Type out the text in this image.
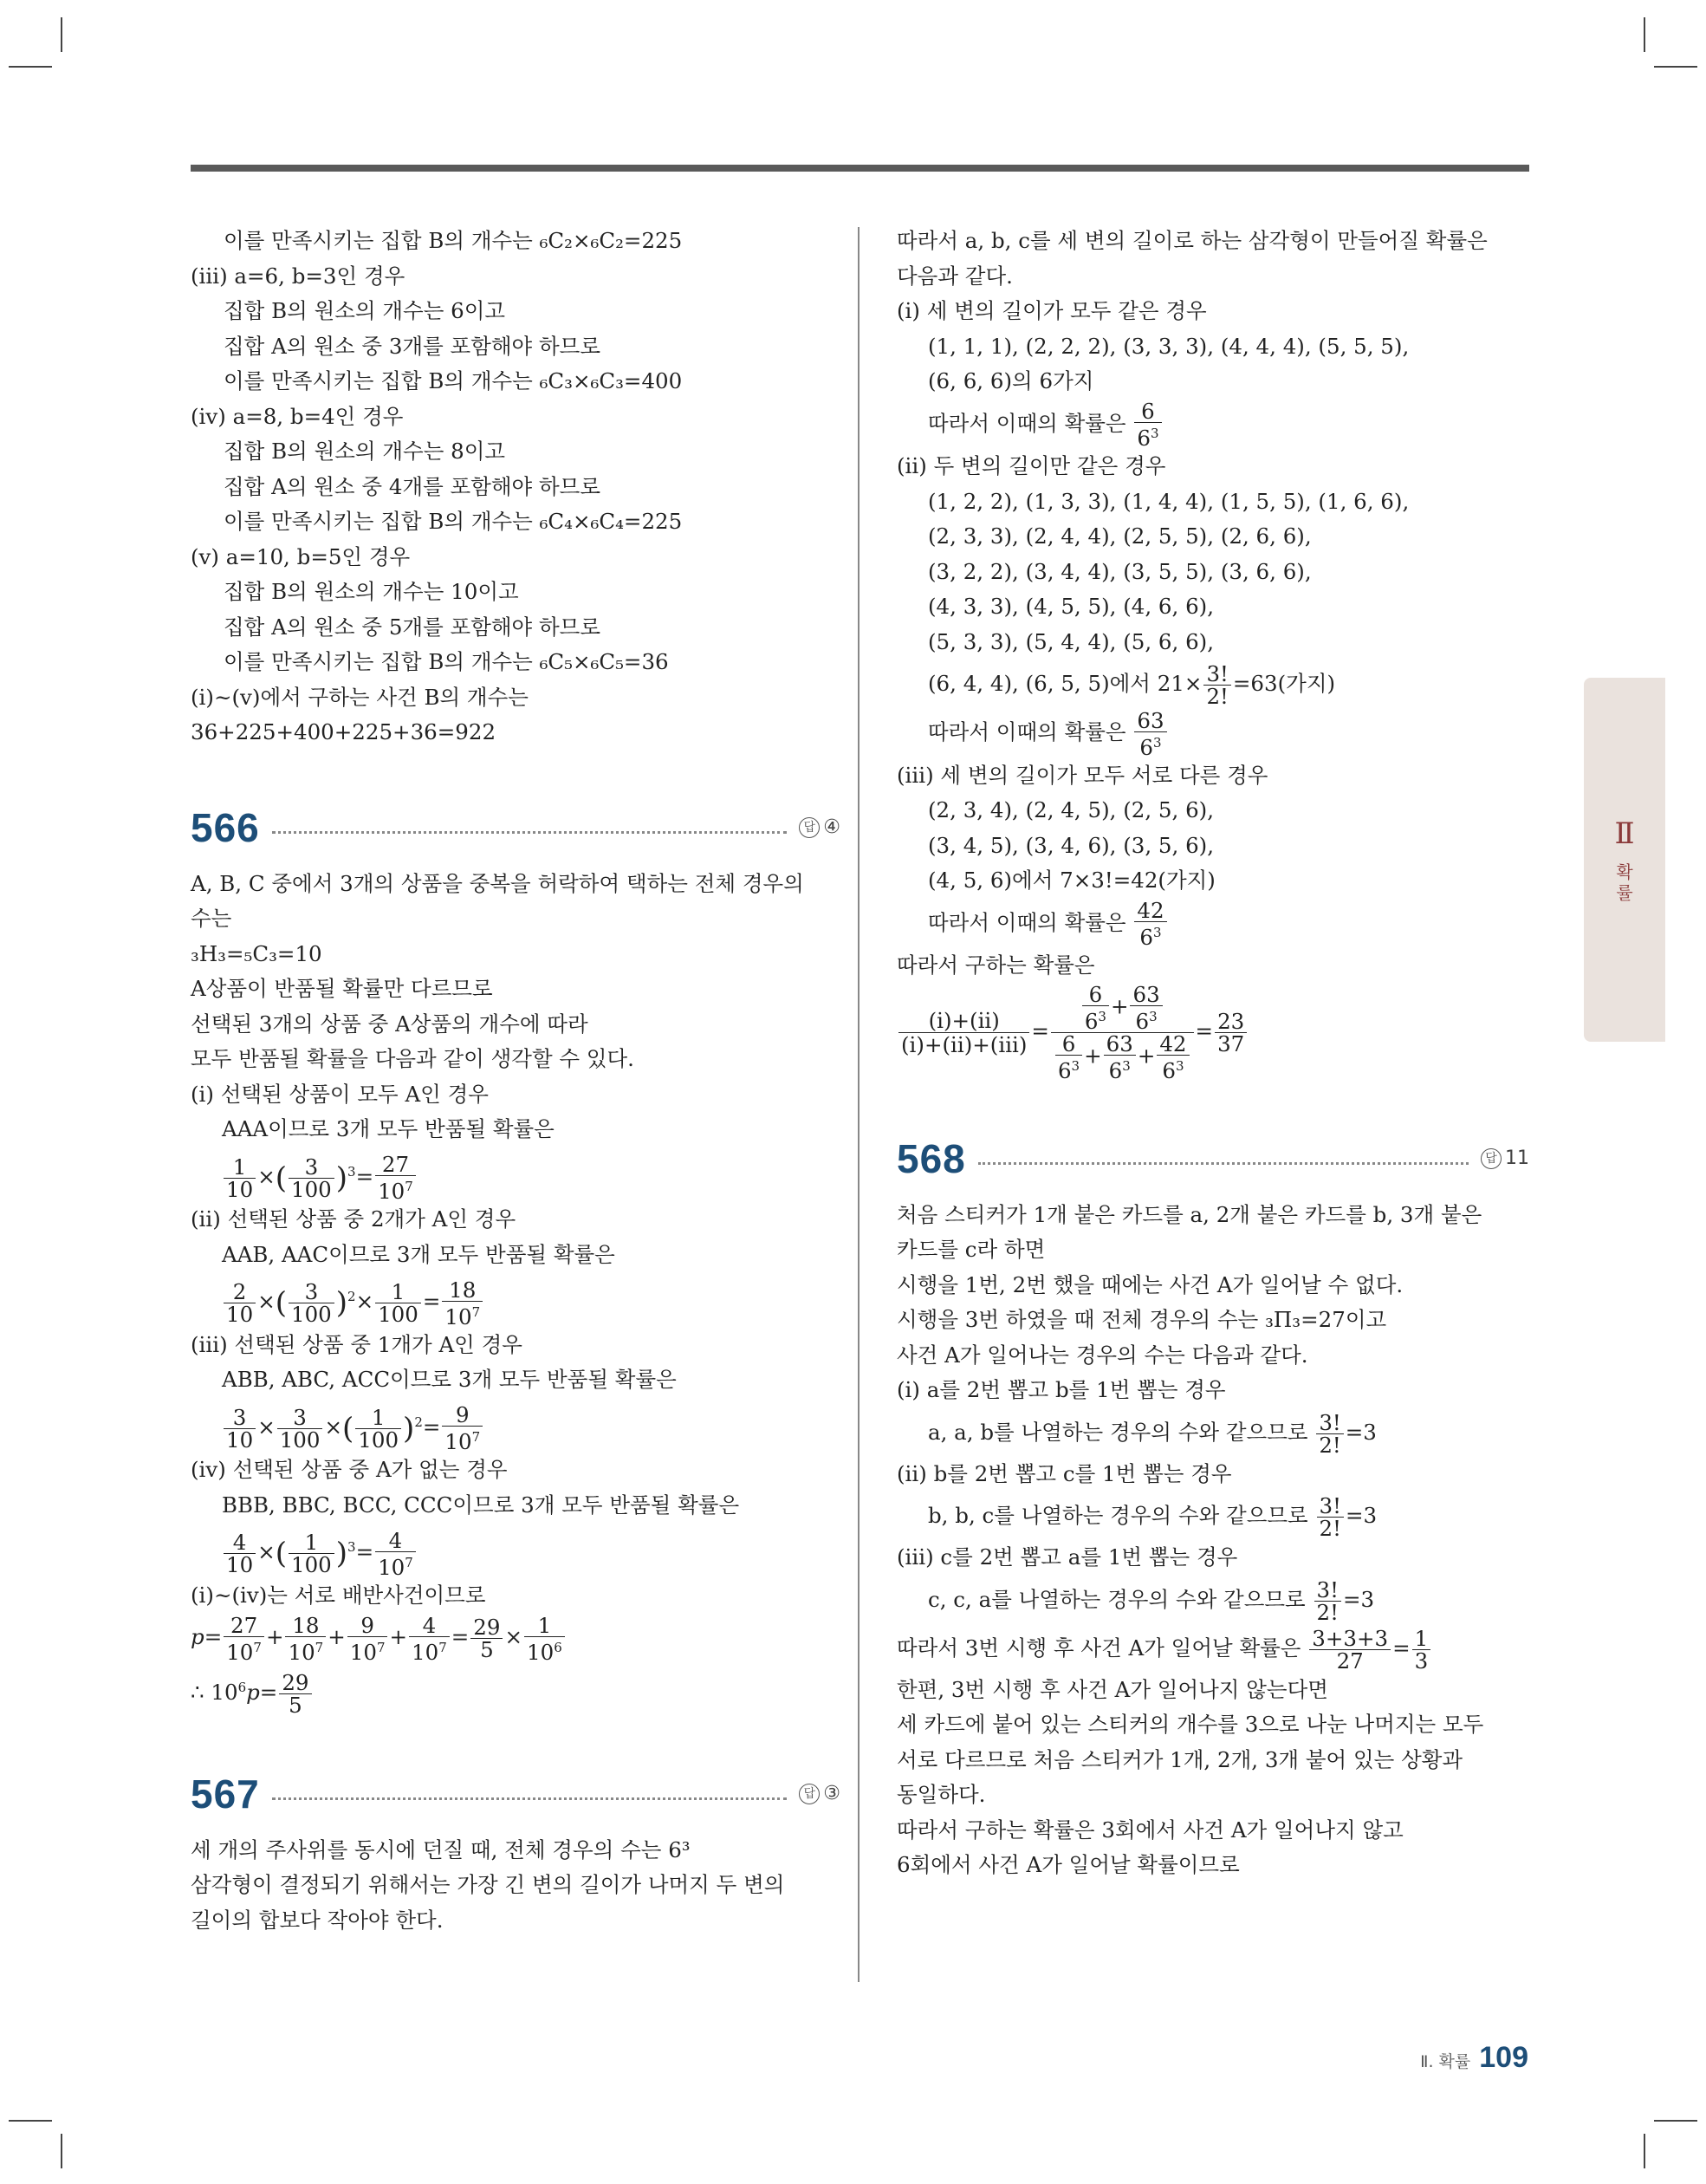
이를 만족시키는 집합 B의 개수는 ₆C₂×₆C₂=225
(iii) a=6, b=3인 경우
집합 B의 원소의 개수는 6이고
집합 A의 원소 중 3개를 포함해야 하므로
이를 만족시키는 집합 B의 개수는 ₆C₃×₆C₃=400
(iv) a=8, b=4인 경우
집합 B의 원소의 개수는 8이고
집합 A의 원소 중 4개를 포함해야 하므로
이를 만족시키는 집합 B의 개수는 ₆C₄×₆C₄=225
(v) a=10, b=5인 경우
집합 B의 원소의 개수는 10이고
집합 A의 원소 중 5개를 포함해야 하므로
이를 만족시키는 집합 B의 개수는 ₆C₅×₆C₅=36
(i)~(v)에서 구하는 사건 B의 개수는
36+225+400+225+36=922
566	답 ④
A, B, C 중에서 3개의 상품을 중복을 허락하여 택하는 전체 경우의
수는
₃H₃=₅C₃=10
A상품이 반품될 확률만 다르므로
선택된 3개의 상품 중 A상품의 개수에 따라
모두 반품될 확률을 다음과 같이 생각할 수 있다.
(i) 선택된 상품이 모두 A인 경우
AAA이므로 3개 모두 반품될 확률은
$\frac{1}{10}$ ×( $\frac{3}{100} )^3= \frac{27}{10^7}$
(ii) 선택된 상품 중 2개가 A인 경우
AAB, AAC이므로 3개 모두 반품될 확률은
$\frac{2}{10}$ ×( $\frac{3}{100} )^2\times \frac{1}{100} = \frac{18}{10^7}$
(iii) 선택된 상품 중 1개가 A인 경우
ABB, ABC, ACC이므로 3개 모두 반품될 확률은
$\frac{3}{10} \times \frac{3}{100}$ ×( $\frac{1}{100} )^2= \frac{9}{10^7}$
(iv) 선택된 상품 중 A가 없는 경우
BBB, BBC, BCC, CCC이므로 3개 모두 반품될 확률은
$\frac{4}{10}$ ×( $\frac{1}{100} )^3= \frac{4}{10^7}$
(i)~(iv)는 서로 배반사건이므로
$p= \frac{27}{10^7} + \frac{18}{10^7} + \frac{9}{10^7} + \frac{4}{10^7} = \frac{29}{5} \times \frac{1}{10^6}$
∴ $10^6p= \frac{29}{5}$
567	답 ③
세 개의 주사위를 동시에 던질 때, 전체 경우의 수는 6³
삼각형이 결정되기 위해서는 가장 긴 변의 길이가 나머지 두 변의
길이의 합보다 작아야 한다.
따라서 a, b, c를 세 변의 길이로 하는 삼각형이 만들어질 확률은
다음과 같다.
(i) 세 변의 길이가 모두 같은 경우
(1, 1, 1), (2, 2, 2), (3, 3, 3), (4, 4, 4), (5, 5, 5),
(6, 6, 6)의 6가지
따라서 이때의 확률은 $\frac{6}{6^3}$
(ii) 두 변의 길이만 같은 경우
(1, 2, 2), (1, 3, 3), (1, 4, 4), (1, 5, 5), (1, 6, 6),
(2, 3, 3), (2, 4, 4), (2, 5, 5), (2, 6, 6),
(3, 2, 2), (3, 4, 4), (3, 5, 5), (3, 6, 6),
(4, 3, 3), (4, 5, 5), (4, 6, 6),
(5, 3, 3), (5, 4, 4), (5, 6, 6),
(6, 4, 4), (6, 5, 5)에서 $21\times \frac{3!}{2!} =63$(가지)
따라서 이때의 확률은 $\frac{63}{6^3}$
(iii) 세 변의 길이가 모두 서로 다른 경우
(2, 3, 4), (2, 4, 5), (2, 5, 6),
(3, 4, 5), (3, 4, 6), (3, 5, 6),
(4, 5, 6)에서 7×3!=42(가지)
따라서 이때의 확률은 $\frac{42}{6^3}$
따라서 구하는 확률은
$\frac{(i)+(ii)}{\text{(i)+(ii)+(iii)}} = \frac{\frac{6}{6^3} + \frac{63}{6^3}}{\frac{6}{6^3} + \frac{63}{6^3} + \frac{42}{6^3}} = \frac{23}{37}$
568	답 11
처음 스티커가 1개 붙은 카드를 a, 2개 붙은 카드를 b, 3개 붙은
카드를 c라 하면
시행을 1번, 2번 했을 때에는 사건 A가 일어날 수 없다.
시행을 3번 하였을 때 전체 경우의 수는 ₃Π₃=27이고
사건 A가 일어나는 경우의 수는 다음과 같다.
(i) a를 2번 뽑고 b를 1번 뽑는 경우
a, a, b를 나열하는 경우의 수와 같으므로 $\frac{3!}{2!} =3$
(ii) b를 2번 뽑고 c를 1번 뽑는 경우
b, b, c를 나열하는 경우의 수와 같으므로 $\frac{3!}{2!} =3$
(iii) c를 2번 뽑고 a를 1번 뽑는 경우
c, c, a를 나열하는 경우의 수와 같으므로 $\frac{3!}{2!} =3$
따라서 3번 시행 후 사건 A가 일어날 확률은 $\frac{3+3+3}{27} = \frac{1}{3}$
한편, 3번 시행 후 사건 A가 일어나지 않는다면
세 카드에 붙어 있는 스티커의 개수를 3으로 나눈 나머지는 모두
서로 다르므로 처음 스티커가 1개, 2개, 3개 붙어 있는 상황과
동일하다.
따라서 구하는 확률은 3회에서 사건 A가 일어나지 않고
6회에서 사건 A가 일어날 확률이므로
Ⅱ
확률
Ⅱ. 확률 109
